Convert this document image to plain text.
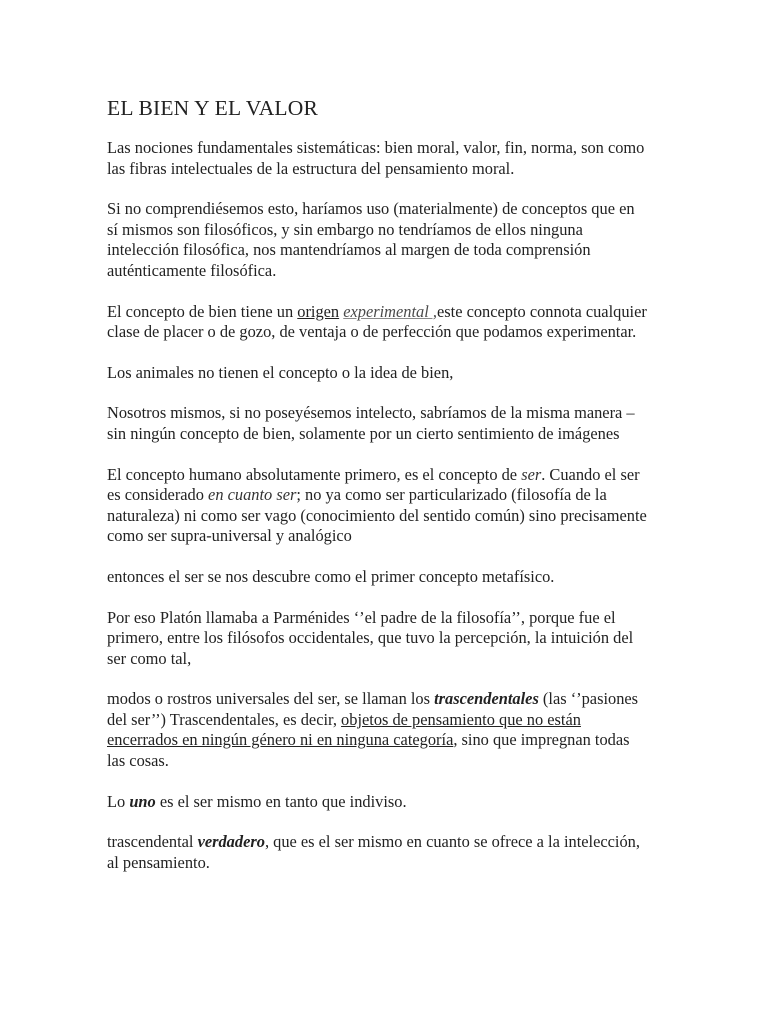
EL BIEN Y EL VALOR

Las nociones fundamentales sistemáticas: bien moral, valor, fin, norma, son como las fibras intelectuales de la estructura del pensamiento moral.

Si no comprendiésemos esto, haríamos uso (materialmente) de conceptos que en sí mismos son filosóficos, y sin embargo no tendríamos de ellos ninguna intelección filosófica, nos mantendríamos al margen de toda comprensión auténticamente filosófica.

El concepto de bien tiene un origen experimental ,este concepto connota cualquier clase de placer o de gozo, de ventaja o de perfección que podamos experimentar.

Los animales no tienen el concepto o la idea de bien,

Nosotros mismos, si no poseyésemos intelecto, sabríamos de la misma manera – sin ningún concepto de bien, solamente por un cierto sentimiento de imágenes

El concepto humano absolutamente primero, es el concepto de ser. Cuando el ser es considerado en cuanto ser; no ya como ser particularizado (filosofía de la naturaleza) ni como ser vago (conocimiento del sentido común) sino precisamente como ser supra-universal y analógico

entonces el ser se nos descubre como el primer concepto metafísico.

Por eso Platón llamaba a Parménides ‘’el padre de la filosofía’’, porque fue el primero, entre los filósofos occidentales, que tuvo la percepción, la intuición del ser como tal,

modos o rostros universales del ser, se llaman los trascendentales (las ‘’pasiones del ser’’) Trascendentales, es decir, objetos de pensamiento que no están encerrados en ningún género ni en ninguna categoría, sino que impregnan todas las cosas.

Lo uno es el ser mismo en tanto que indiviso.

trascendental verdadero, que es el ser mismo en cuanto se ofrece a la intelección, al pensamiento.
